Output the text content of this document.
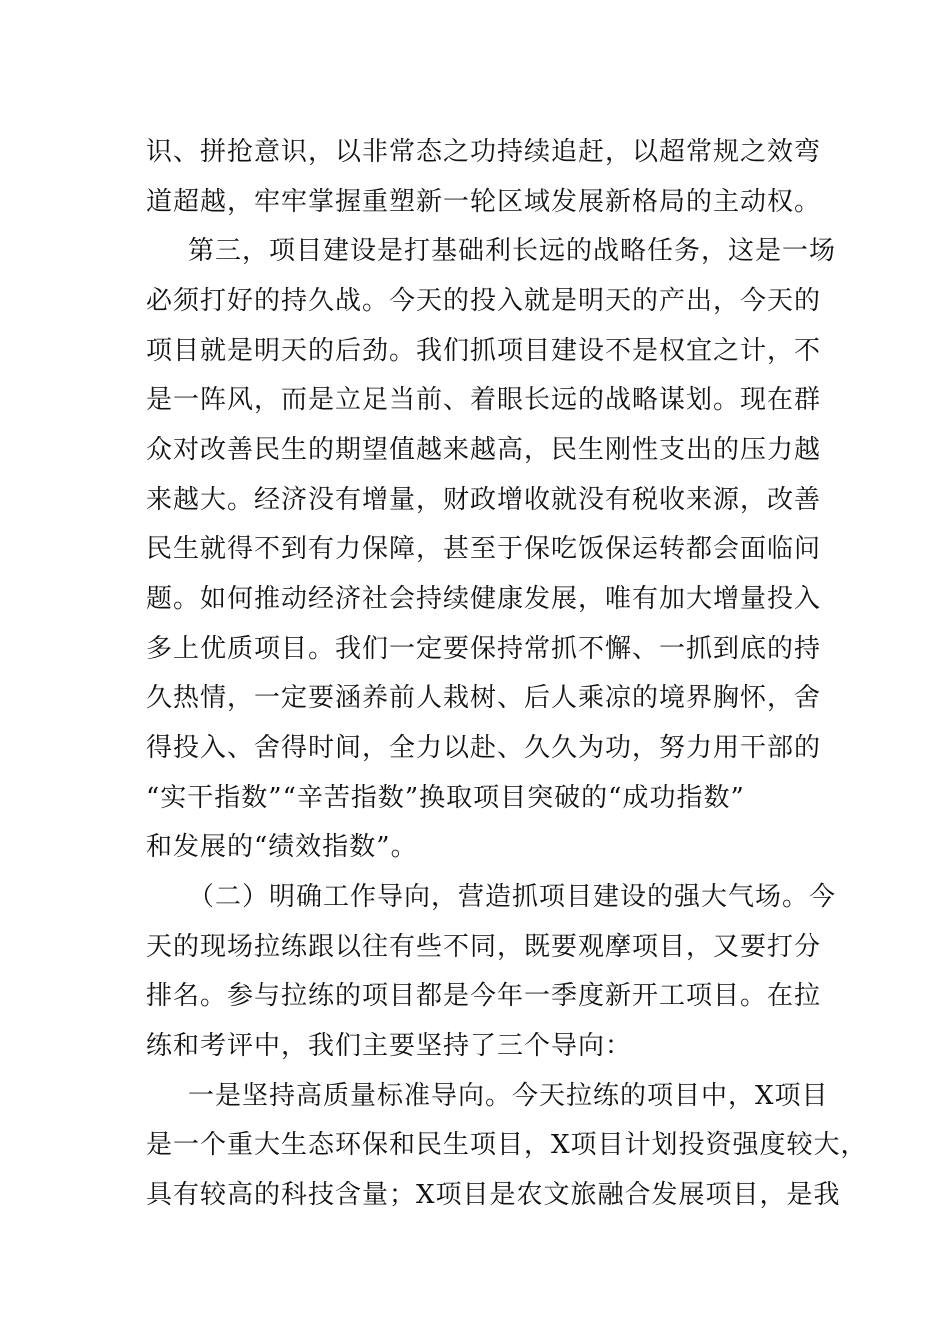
识、拼抢意识，以非常态之功持续追赶，以超常规之效弯
道超越，牢牢掌握重塑新一轮区域发展新格局的主动权。
第三，项目建设是打基础利长远的战略任务，这是一场
必须打好的持久战。今天的投入就是明天的产出，今天的
项目就是明天的后劲。我们抓项目建设不是权宜之计，不
是一阵风，而是立足当前、着眼长远的战略谋划。现在群
众对改善民生的期望值越来越高，民生刚性支出的压力越
来越大。经济没有增量，财政增收就没有税收来源，改善
民生就得不到有力保障，甚至于保吃饭保运转都会面临问
题。如何推动经济社会持续健康发展，唯有加大增量投入
多上优质项目。我们一定要保持常抓不懈、一抓到底的持
久热情，一定要涵养前人栽树、后人乘凉的境界胸怀，舍
得投入、舍得时间，全力以赴、久久为功，努力用干部的
“实干指数”“辛苦指数”换取项目突破的“成功指数”
和发展的“绩效指数”。
（二）明确工作导向，营造抓项目建设的强大气场。今
天的现场拉练跟以往有些不同，既要观摩项目，又要打分
排名。参与拉练的项目都是今年一季度新开工项目。在拉
练和考评中，我们主要坚持了三个导向：
一是坚持高质量标准导向。今天拉练的项目中，X项目
是一个重大生态环保和民生项目，X项目计划投资强度较大，
具有较高的科技含量；X项目是农文旅融合发展项目，是我
